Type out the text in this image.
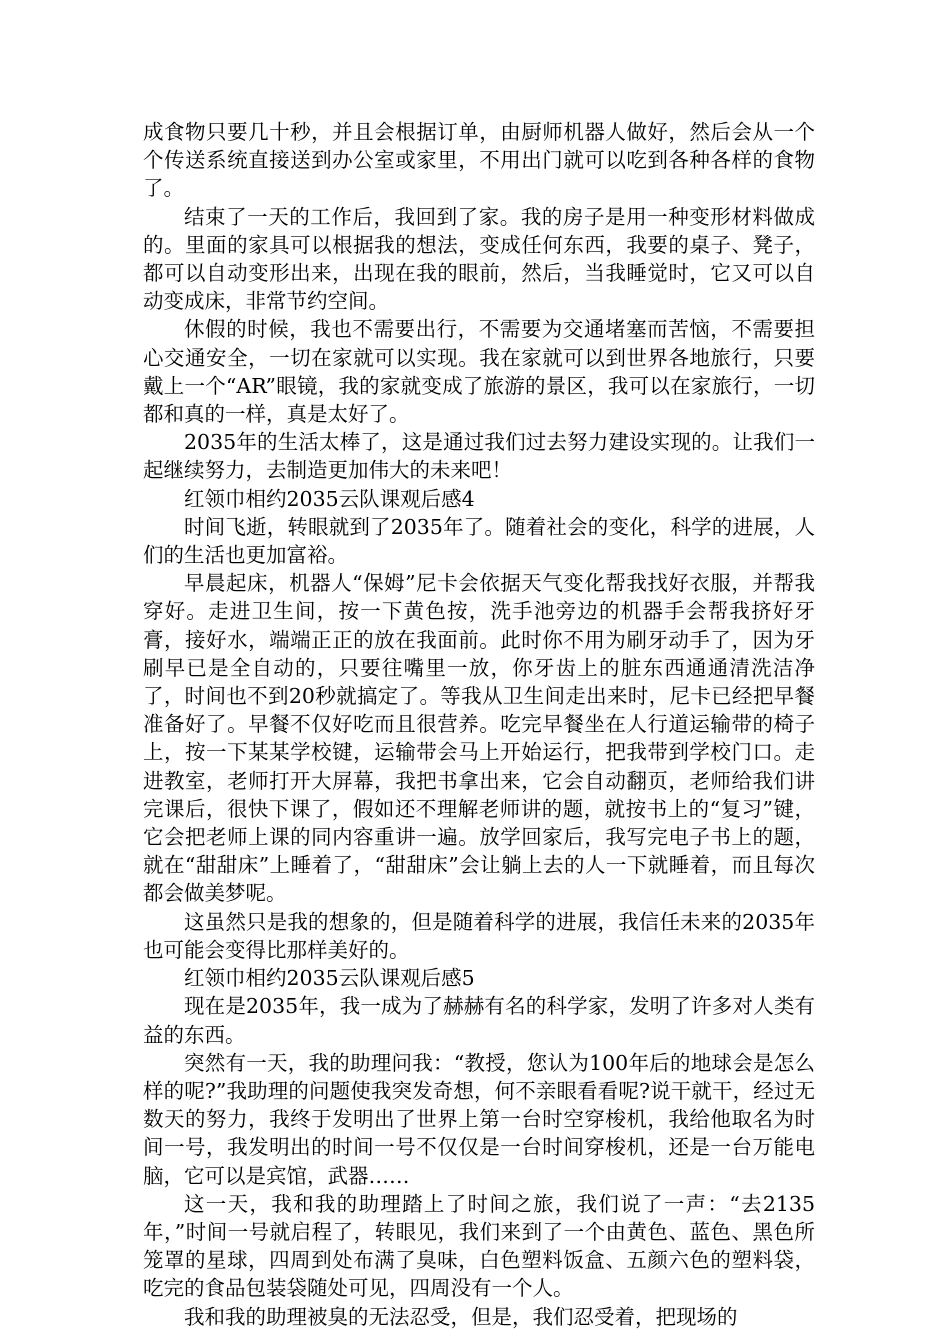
成食物只要几十秒，并且会根据订单，由厨师机器人做好，然后会从一个个传送系统直接送到办公室或家里，不用出门就可以吃到各种各样的食物了。

结束了一天的工作后，我回到了家。我的房子是用一种变形材料做成的。里面的家具可以根据我的想法，变成任何东西，我要的桌子、凳子，都可以自动变形出来，出现在我的眼前，然后，当我睡觉时，它又可以自动变成床，非常节约空间。

休假的时候，我也不需要出行，不需要为交通堵塞而苦恼，不需要担心交通安全，一切在家就可以实现。我在家就可以到世界各地旅行，只要戴上一个“AR”眼镜，我的家就变成了旅游的景区，我可以在家旅行，一切都和真的一样，真是太好了。

2035年的生活太棒了，这是通过我们过去努力建设实现的。让我们一起继续努力，去制造更加伟大的未来吧！

红领巾相约2035云队课观后感4

时间飞逝，转眼就到了2035年了。随着社会的变化，科学的进展，人们的生活也更加富裕。

早晨起床，机器人“保姆”尼卡会依据天气变化帮我找好衣服，并帮我穿好。走进卫生间，按一下黄色按，洗手池旁边的机器手会帮我挤好牙膏，接好水，端端正正的放在我面前。此时你不用为刷牙动手了，因为牙刷早已是全自动的，只要往嘴里一放，你牙齿上的脏东西通通清洗洁净了，时间也不到20秒就搞定了。等我从卫生间走出来时，尼卡已经把早餐准备好了。早餐不仅好吃而且很营养。吃完早餐坐在人行道运输带的椅子上，按一下某某学校键，运输带会马上开始运行，把我带到学校门口。走进教室，老师打开大屏幕，我把书拿出来，它会自动翻页，老师给我们讲完课后，很快下课了，假如还不理解老师讲的题，就按书上的“复习”键，它会把老师上课的同内容重讲一遍。放学回家后，我写完电子书上的题，就在“甜甜床”上睡着了，“甜甜床”会让躺上去的人一下就睡着，而且每次都会做美梦呢。

这虽然只是我的想象的，但是随着科学的进展，我信任未来的2035年也可能会变得比那样美好的。

红领巾相约2035云队课观后感5

现在是2035年，我一成为了赫赫有名的科学家，发明了许多对人类有益的东西。

突然有一天，我的助理问我：“教授，您认为100年后的地球会是怎么样的呢?”我助理的问题使我突发奇想，何不亲眼看看呢?说干就干，经过无数天的努力，我终于发明出了世界上第一台时空穿梭机，我给他取名为时间一号，我发明出的时间一号不仅仅是一台时间穿梭机，还是一台万能电脑，它可以是宾馆，武器……

这一天，我和我的助理踏上了时间之旅，我们说了一声：“去2135年，”时间一号就启程了，转眼见，我们来到了一个由黄色、蓝色、黑色所笼罩的星球，四周到处布满了臭味，白色塑料饭盒、五颜六色的塑料袋，吃完的食品包装袋随处可见，四周没有一个人。

我和我的助理被臭的无法忍受，但是，我们忍受着，把现场的
